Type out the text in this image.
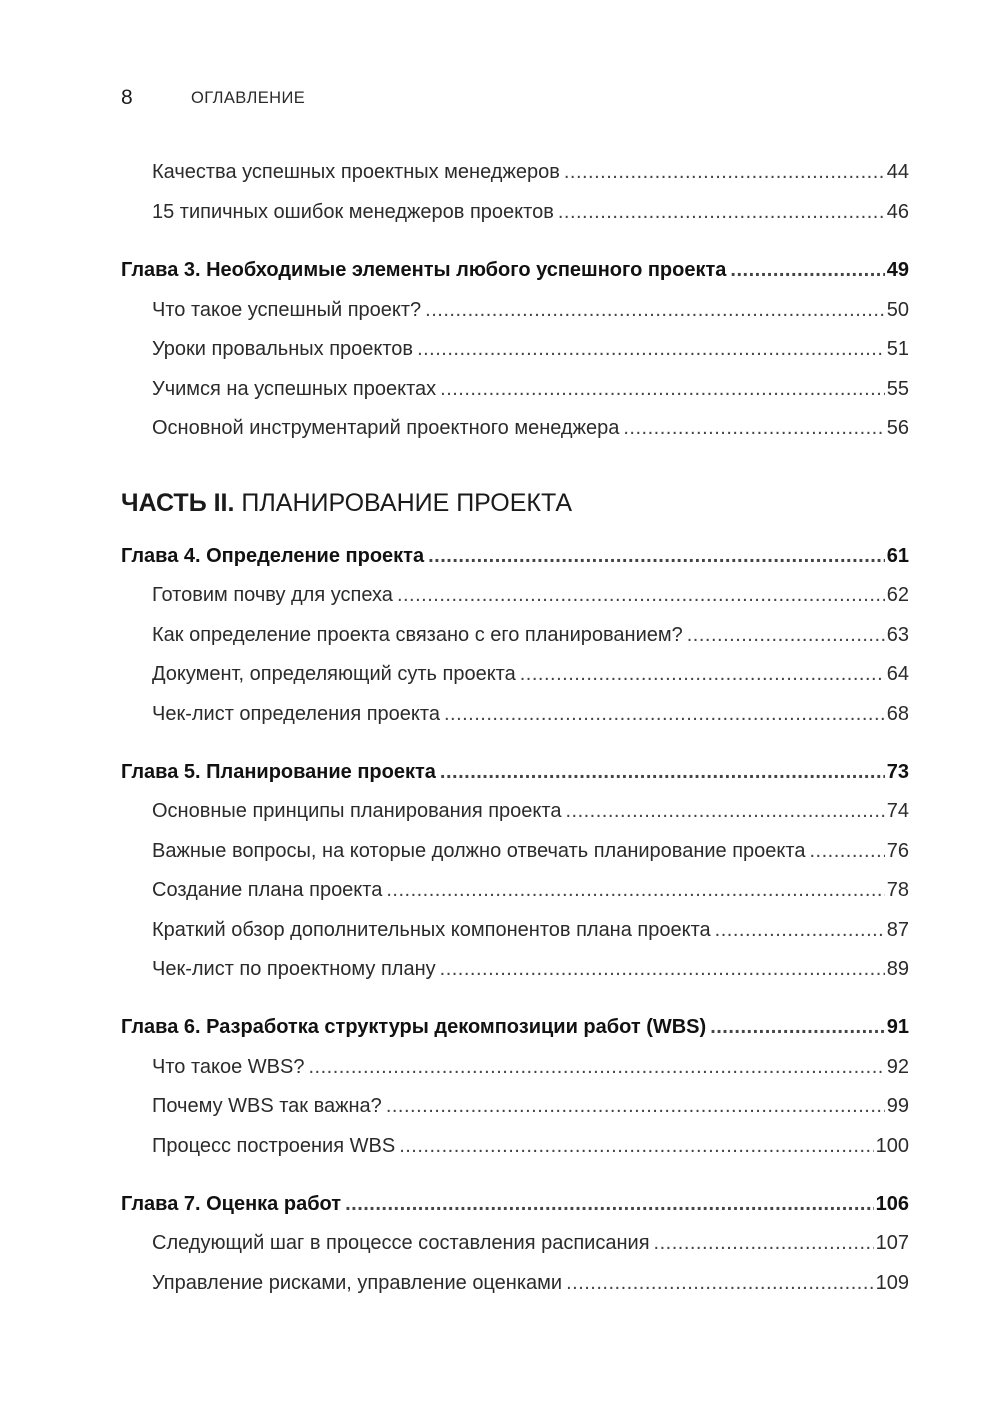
8	ОГЛАВЛЕНИЕ
ЧАСТЬ II. ПЛАНИРОВАНИЕ ПРОЕКТА
Качества успешных проектных менеджеров .....	44
15 типичных ошибок менеджеров проектов .....	46
Глава 3. Необходимые элементы любого успешного проекта .....	49
Что такое успешный проект? .....	50
Уроки провальных проектов .....	51
Учимся на успешных проектах .....	55
Основной инструментарий проектного менеджера .....	56
Глава 4. Определение проекта .....	61
Готовим почву для успеха .....	62
Как определение проекта связано с его планированием? .....	63
Документ, определяющий суть проекта .....	64
Чек-лист определения проекта .....	68
Глава 5. Планирование проекта .....	73
Основные принципы планирования проекта .....	74
Важные вопросы, на которые должно отвечать планирование проекта .....	76
Создание плана проекта .....	78
Краткий обзор дополнительных компонентов плана проекта .....	87
Чек-лист по проектному плану .....	89
Глава 6. Разработка структуры декомпозиции работ (WBS) .....	91
Что такое WBS? .....	92
Почему WBS так важна? .....	99
Процесс построения WBS .....	100
Глава 7. Оценка работ .....	106
Следующий шаг в процессе составления расписания .....	107
Управление рисками, управление оценками .....	109
